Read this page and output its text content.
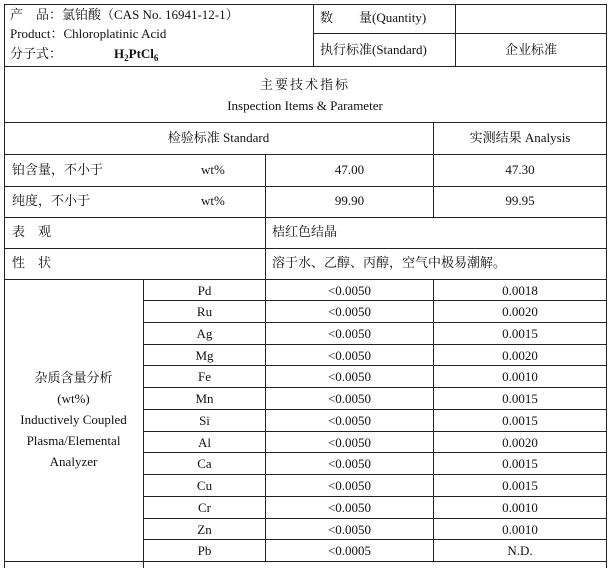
产　品：氯铂酸（CAS No. 16941-12-1）
Product：Chloroplatinic Acid
分子式：	$H_2PtCl_6$
数　　量(Quantity)
执行标准(Standard)	企业标准
主要技术指标
Inspection Items & Parameter
检验标准 Standard	实测结果 Analysis
铂含量，不小于	wt%	47.00	47.30
纯度，不小于	wt%	99.90	99.95
表　观	桔红色结晶
性　状	溶于水、乙醇、丙醇，空气中极易潮解。
杂质含量分析
(wt%)
Inductively Coupled
Plasma/Elemental
Analyzer
Pd	<0.0050	0.0018
Ru	<0.0050	0.0020
Ag	<0.0050	0.0015
Mg	<0.0050	0.0020
Fe	<0.0050	0.0010
Mn	<0.0050	0.0015
Si	<0.0050	0.0015
Al	<0.0050	0.0020
Ca	<0.0050	0.0015
Cu	<0.0050	0.0015
Cr	<0.0050	0.0010
Zn	<0.0050	0.0010
Pb	<0.0005	N.D.
